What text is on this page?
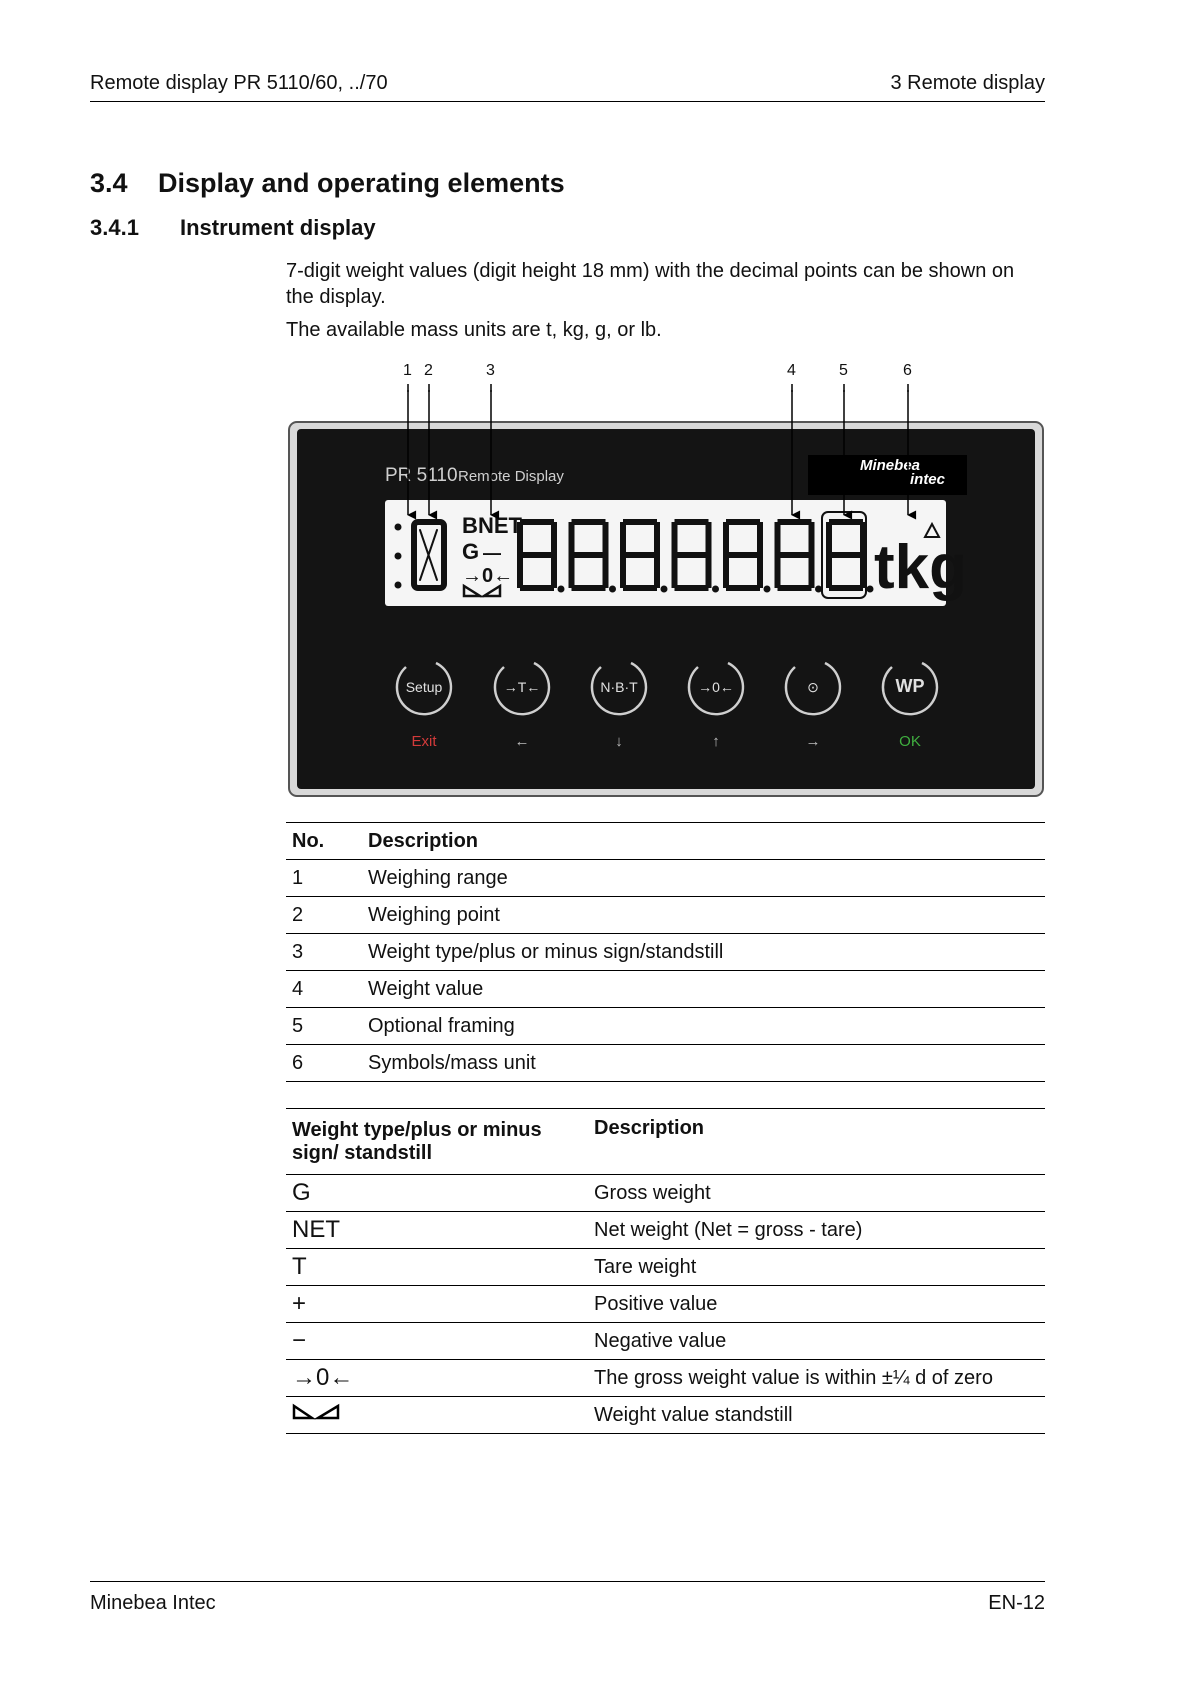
Remote display PR 5110/60, ../70	3 Remote display
3.4 Display and operating elements
3.4.1 Instrument display
7-digit weight values (digit height 18 mm) with the decimal points can be shown on the display.
The available mass units are t, kg, g, or lb.
1 2	3	4	5	6
PR 5110 Remote Display
Minebea
intec
B NET
G —
→0←	tkg
Setup
Exit
→T←
←
N·B·T
↓
→0←
↑
⊙
→
WP
OK
No.	Description
1	Weighing range
2	Weighing point
3	Weight type/plus or minus sign/standstill
4	Weight value
5	Optional framing
6	Symbols/mass unit
Weight type/plus or minus sign/ standstill	Description
G	Gross weight
NET	Net weight (Net = gross - tare)
T	Tare weight
+	Positive value
−	Negative value
→0←	The gross weight value is within ±¼ d of zero
	Weight value standstill
Minebea Intec	EN-12
